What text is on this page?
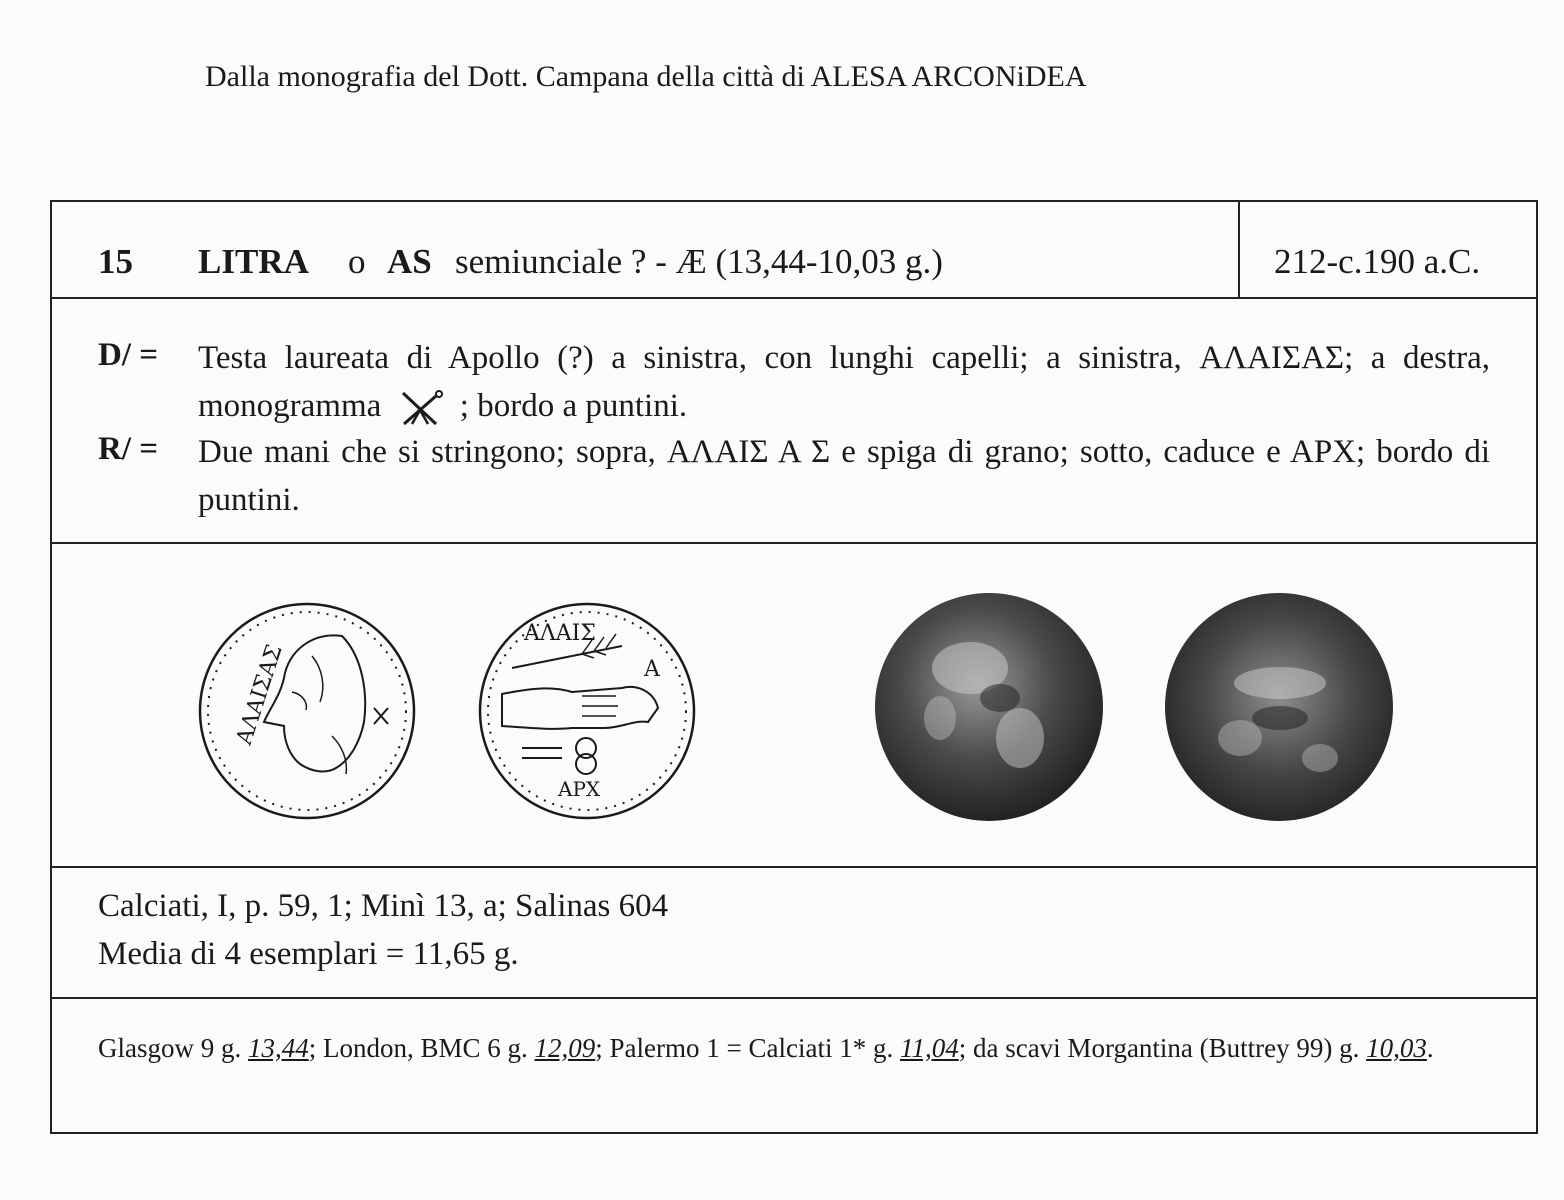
Dalla monografia del Dott. Campana della città di ALESA ARCONiDEA
15 LITRA o AS semiunciale ? - Æ (13,44-10,03 g.)	212-c.190 a.C.
D/ = Testa laureata di Apollo (?) a sinistra, con lunghi capelli; a sinistra, ΑΛΑΙΣΑΣ; a destra, monogramma ; bordo a puntini.
R/ = Due mani che si stringono; sopra, ΑΛΑΙΣ Α Σ e spiga di grano; sotto, caduce e APX; bordo di puntini.
ΑΛΑΙΣΑΣ
ΑΛΑΙΣ
Α
ΑΡΧ
Calciati, I, p. 59, 1; Minì 13, a; Salinas 604
Media di 4 esemplari = 11,65 g.
Glasgow 9 g. 13,44; London, BMC 6 g. 12,09; Palermo 1 = Calciati 1* g. 11,04; da scavi Morgantina (Buttrey 99) g. 10,03.
